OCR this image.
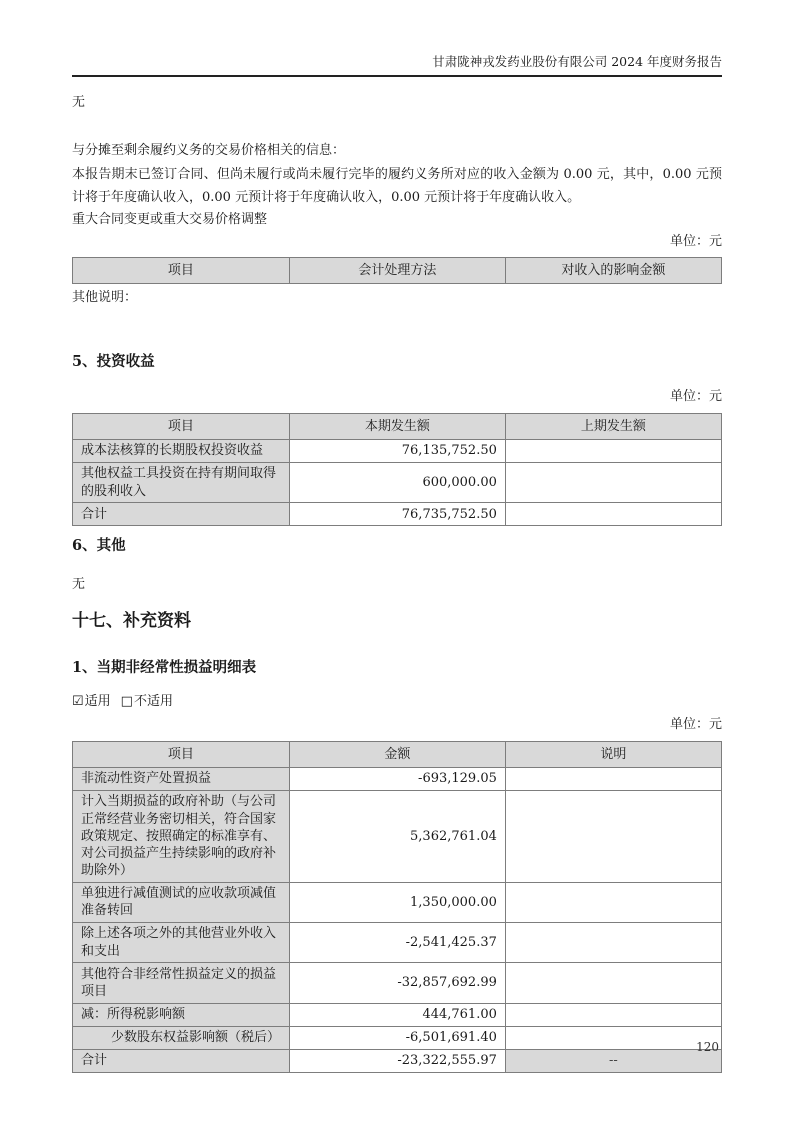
甘肃陇神戎发药业股份有限公司 2024 年度财务报告

无

与分摊至剩余履约义务的交易价格相关的信息：

本报告期末已签订合同、但尚未履行或尚未履行完毕的履约义务所对应的收入金额为 0.00 元，其中，0.00 元预计将于年度确认收入，0.00 元预计将于年度确认收入，0.00 元预计将于年度确认收入。

重大合同变更或重大交易价格调整

单位：元
项目	会计处理方法	对收入的影响金额

其他说明：

5、投资收益
单位：元
项目	本期发生额	上期发生额
成本法核算的长期股权投资收益	76,135,752.50	
其他权益工具投资在持有期间取得的股利收入	600,000.00	
合计	76,735,752.50	
6、其他

无

十七、补充资料
1、当期非经常性损益明细表

☑适用 □不适用

单位：元
项目	金额	说明
非流动性资产处置损益	-693,129.05	
计入当期损益的政府补助（与公司正常经营业务密切相关，符合国家政策规定、按照确定的标准享有、对公司损益产生持续影响的政府补助除外）	5,362,761.04	
单独进行减值测试的应收款项减值准备转回	1,350,000.00	
除上述各项之外的其他营业外收入和支出	-2,541,425.37	
其他符合非经常性损益定义的损益项目	-32,857,692.99	
减：所得税影响额	444,761.00	
少数股东权益影响额（税后）	-6,501,691.40	
合计	-23,322,555.97	--
120
